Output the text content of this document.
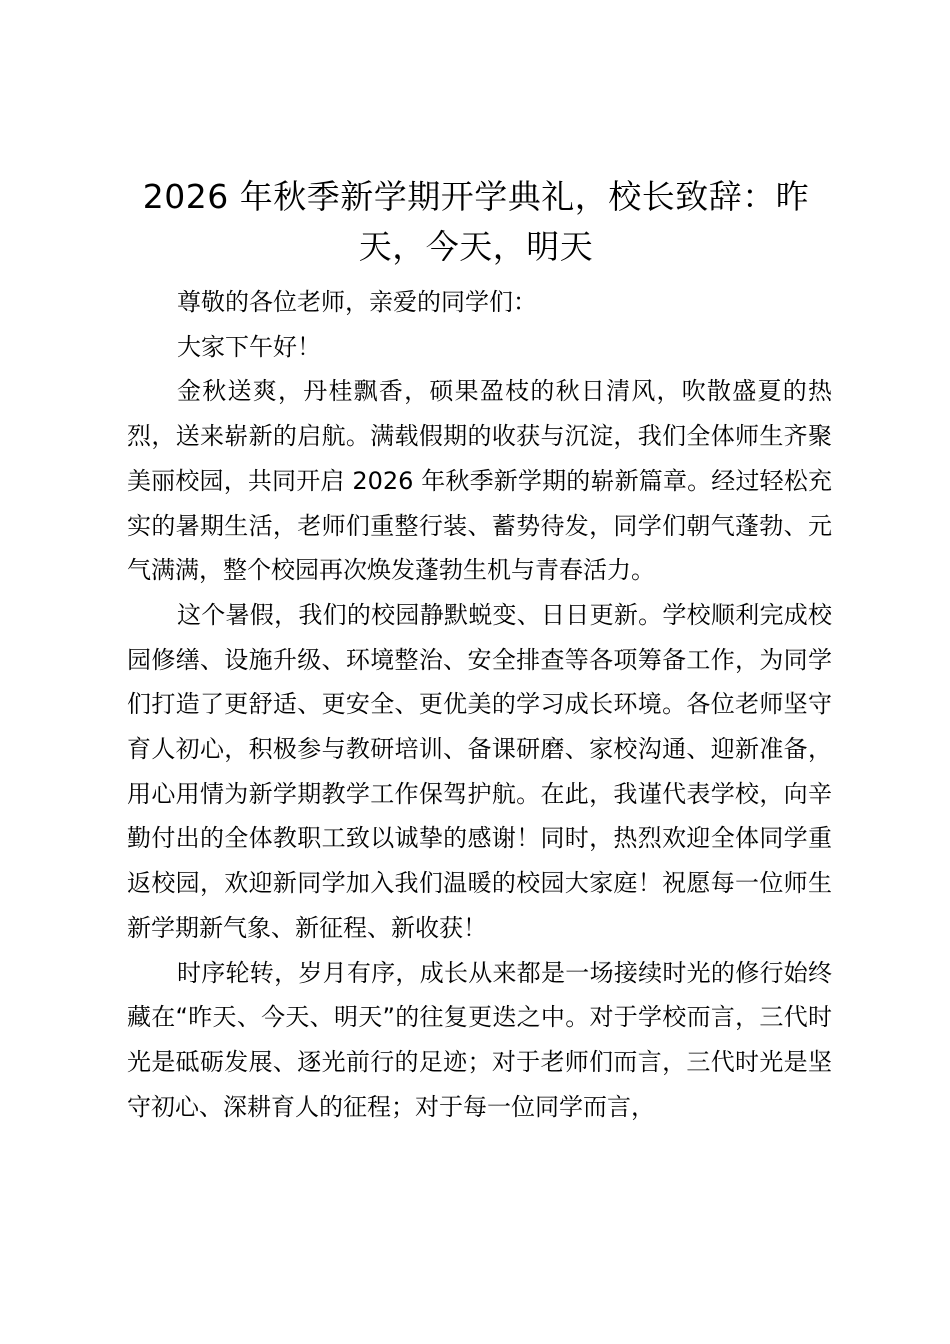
2026 年秋季新学期开学典礼，校长致辞：昨天，今天，明天

尊敬的各位老师，亲爱的同学们：

大家下午好！

金秋送爽，丹桂飘香，硕果盈枝的秋日清风，吹散盛夏的热烈，送来崭新的启航。满载假期的收获与沉淀，我们全体师生齐聚美丽校园，共同开启 2026 年秋季新学期的崭新篇章。经过轻松充实的暑期生活，老师们重整行装、蓄势待发，同学们朝气蓬勃、元气满满，整个校园再次焕发蓬勃生机与青春活力。

这个暑假，我们的校园静默蜕变、日日更新。学校顺利完成校园修缮、设施升级、环境整治、安全排查等各项筹备工作，为同学们打造了更舒适、更安全、更优美的学习成长环境。各位老师坚守育人初心，积极参与教研培训、备课研磨、家校沟通、迎新准备，用心用情为新学期教学工作保驾护航。在此，我谨代表学校，向辛勤付出的全体教职工致以诚挚的感谢！同时，热烈欢迎全体同学重返校园，欢迎新同学加入我们温暖的校园大家庭！祝愿每一位师生新学期新气象、新征程、新收获！

时序轮转，岁月有序，成长从来都是一场接续时光的修行始终藏在“昨天、今天、明天”的往复更迭之中。对于学校而言，三代时光是砥砺发展、逐光前行的足迹；对于老师们而言，三代时光是坚守初心、深耕育人的征程；对于每一位同学而言，
